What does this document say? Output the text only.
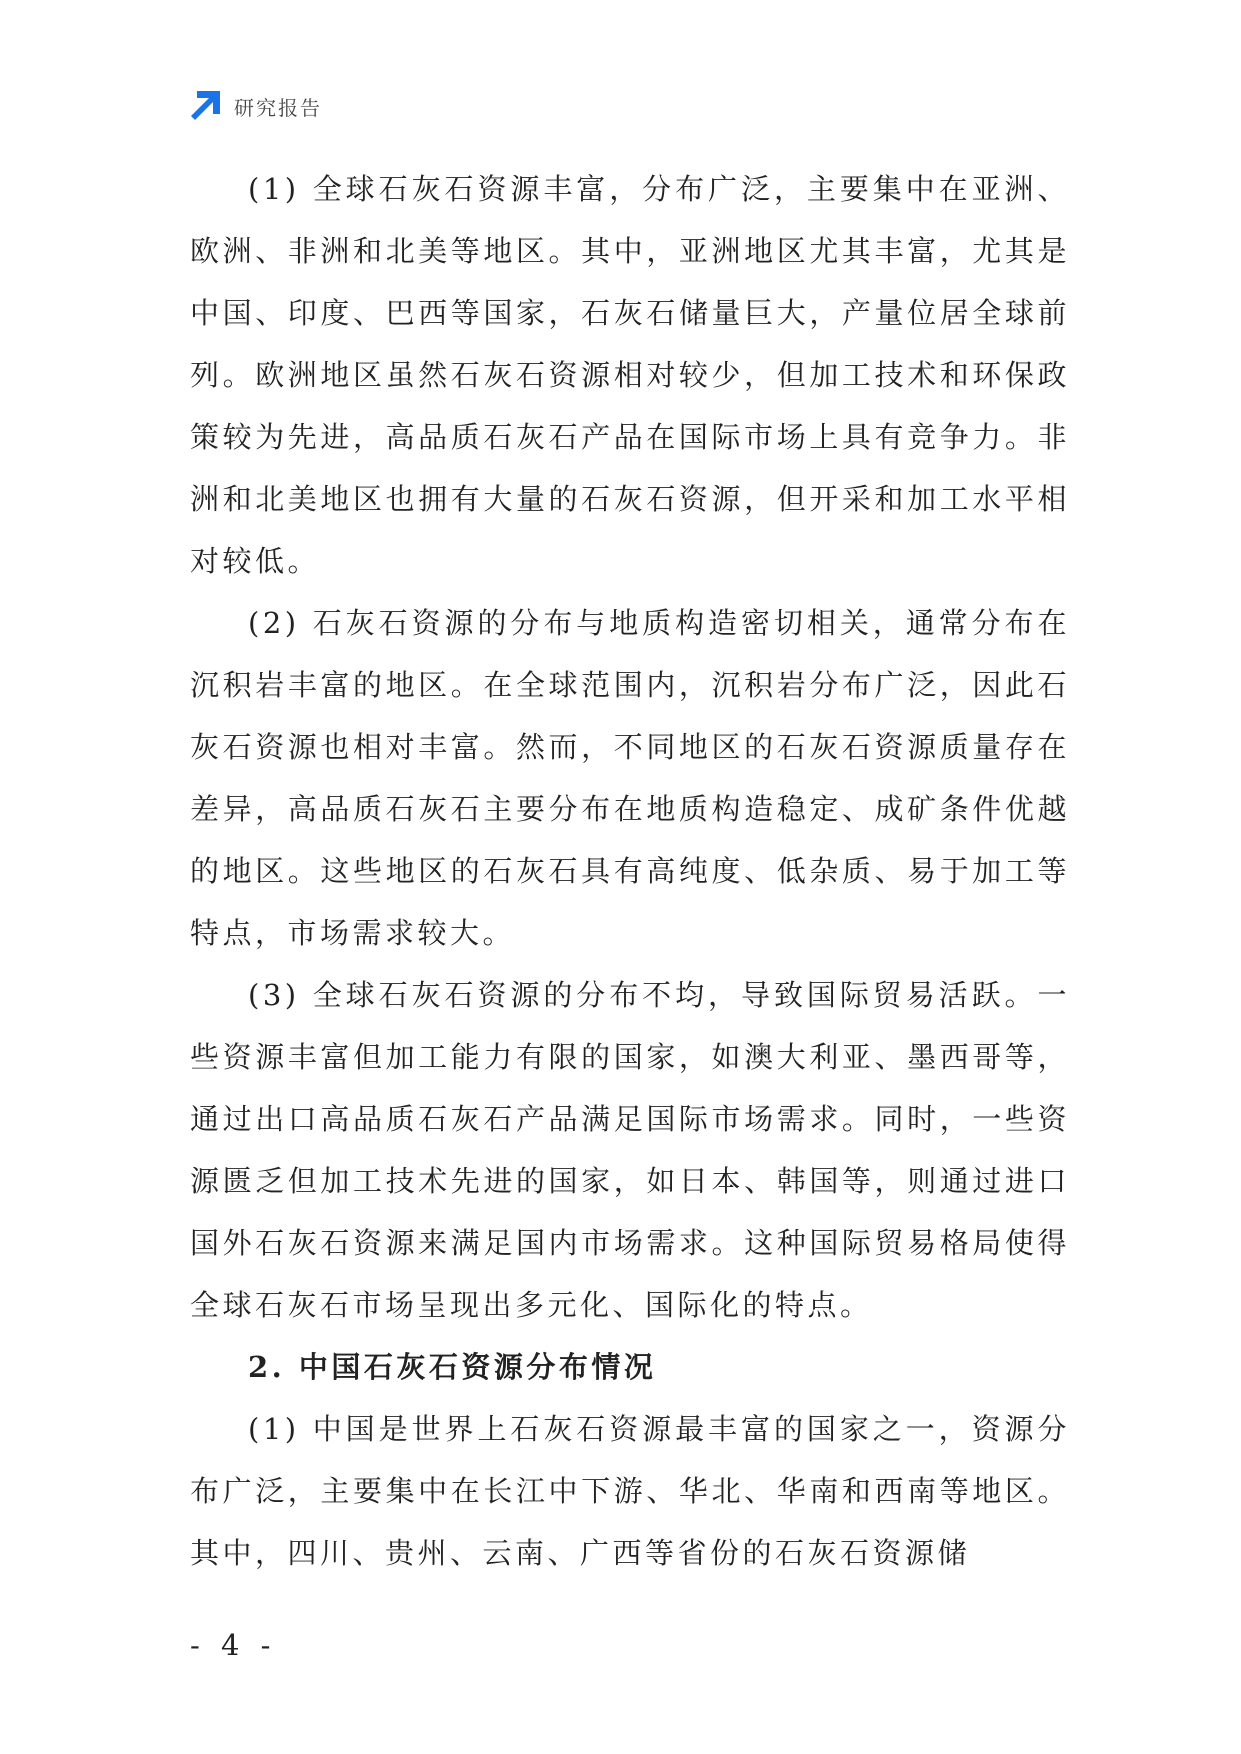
研究报告

(1) 全球石灰石资源丰富，分布广泛，主要集中在亚洲、欧洲、非洲和北美等地区。其中，亚洲地区尤其丰富，尤其是中国、印度、巴西等国家，石灰石储量巨大，产量位居全球前列。欧洲地区虽然石灰石资源相对较少，但加工技术和环保政策较为先进，高品质石灰石产品在国际市场上具有竞争力。非洲和北美地区也拥有大量的石灰石资源，但开采和加工水平相对较低。

(2) 石灰石资源的分布与地质构造密切相关，通常分布在沉积岩丰富的地区。在全球范围内，沉积岩分布广泛，因此石灰石资源也相对丰富。然而，不同地区的石灰石资源质量存在差异，高品质石灰石主要分布在地质构造稳定、成矿条件优越的地区。这些地区的石灰石具有高纯度、低杂质、易于加工等特点，市场需求较大。

(3) 全球石灰石资源的分布不均，导致国际贸易活跃。一些资源丰富但加工能力有限的国家，如澳大利亚、墨西哥等，通过出口高品质石灰石产品满足国际市场需求。同时，一些资源匮乏但加工技术先进的国家，如日本、韩国等，则通过进口国外石灰石资源来满足国内市场需求。这种国际贸易格局使得全球石灰石市场呈现出多元化、国际化的特点。

2. 中国石灰石资源分布情况

(1) 中国是世界上石灰石资源最丰富的国家之一，资源分布广泛，主要集中在长江中下游、华北、华南和西南等地区。其中，四川、贵州、云南、广西等省份的石灰石资源储

- 4 -
